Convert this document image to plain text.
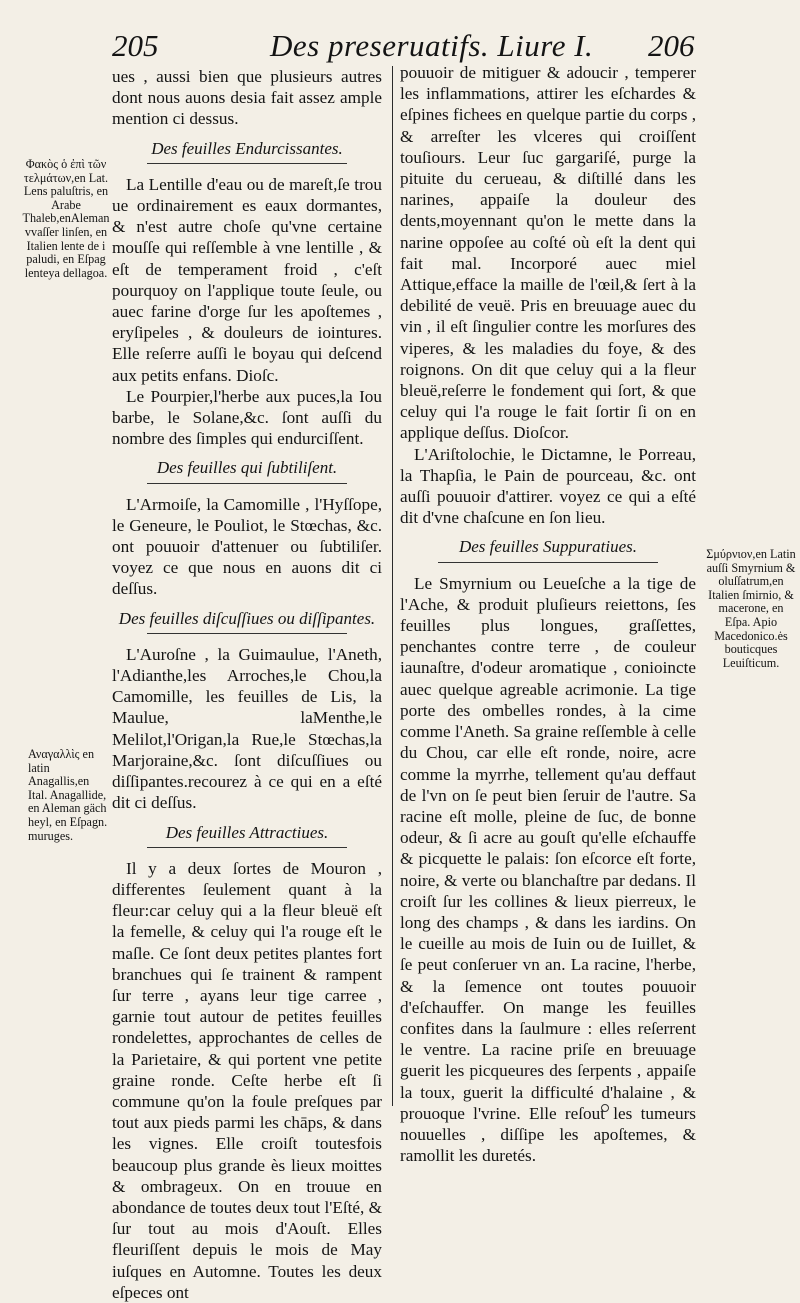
205	Des preseruatifs. Liure I. 206
Φακὸς ὁ ἐπὶ τῶν τελμάτων,en Lat. Lens paluſtris, en Arabe Thaleb,enAleman vvaſſer linſen, en Italien lente de i paludi, en Eſpag lenteya dellagoa.
Αναγαλλὶς en latin Anagallis,en Ital. Anagallide, en Aleman gäch heyl, en Eſpagn. muruges.
Σμύρνιον,en Latin auſſi Smyrnium & oluſſatrum,en Italien ſmirnio, & macerone, en Eſpa. Apio Macedonico.ės bouticques Leuiſticum.

ues , aussi bien que plusieurs autres dont nous auons desia fait assez ample mention ci dessus.

Des feuilles Endurcissantes.

La Lentille d'eau ou de mareſt,ſe trou ue ordinairement es eaux dormantes, & n'est autre choſe qu'vne certaine mouſſe qui reſſemble à vne lentille , & eſt de temperament froid , c'eſt pourquoy on l'applique toute ſeule, ou auec farine d'orge ſur les apoſtemes , eryſipeles , & douleurs de iointures. Elle reſerre auſſi le boyau qui deſcend aux petits enfans. Dioſc.

Le Pourpier,l'herbe aux puces,la Iou barbe, le Solane,&c. ſont auſſi du nombre des ſimples qui endurciſſent.

Des feuilles qui ſubtiliſent.

L'Armoiſe, la Camomille , l'Hyſſope, le Geneure, le Pouliot, le Stœchas, &c. ont pouuoir d'attenuer ou ſubtiliſer. voyez ce que nous en auons dit ci deſſus.

Des feuilles diſcuſſiues ou diſſipantes.

L'Auroſne , la Guimaulue, l'Aneth, l'Adianthe,les Arroches,le Chou,la Camomille, les feuilles de Lis, la Maulue, laMenthe,le Melilot,l'Origan,la Rue,le Stœchas,la Marjoraine,&c. ſont diſcuſſiues ou diſſipantes.recourez à ce qui en a eſté dit ci deſſus.

Des feuilles Attractiues.

Il y a deux ſortes de Mouron , differentes ſeulement quant à la fleur:car celuy qui a la fleur bleuë eſt la femelle, & celuy qui l'a rouge eſt le maſle. Ce ſont deux petites plantes fort branchues qui ſe trainent & rampent ſur terre , ayans leur tige carree , garnie tout autour de petites feuilles rondelettes, approchantes de celles de la Parietaire, & qui portent vne petite graine ronde. Ceſte herbe eſt ſi commune qu'on la foule preſques par tout aux pieds parmi les chāps, & dans les vignes. Elle croiſt toutesfois beaucoup plus grande ès lieux moittes & ombrageux. On en trouue en abondance de toutes deux tout l'Eſté, & ſur tout au mois d'Aouſt. Elles fleuriſſent depuis le mois de May iuſques en Automne. Toutes les deux eſpeces ont

pouuoir de mitiguer & adoucir , temperer les inflammations, attirer les eſchardes & eſpines fichees en quelque partie du corps , & arreſter les vlceres qui croiſſent touſiours. Leur ſuc gargariſé, purge la pituite du cerueau, & diſtillé dans les narines, appaiſe la douleur des dents,moyennant qu'on le mette dans la narine oppoſee au coſté où eſt la dent qui fait mal. Incorporé auec miel Attique,efface la maille de l'œil,& ſert à la debilité de veuë. Pris en breuuage auec du vin , il eſt ſingulier contre les morſures des viperes, & les maladies du foye, & des roignons. On dit que celuy qui a la fleur bleuë,reſerre le fondement qui ſort, & que celuy qui l'a rouge le fait ſortir ſi on en applique deſſus. Dioſcor.

L'Ariſtolochie, le Dictamne, le Porreau, la Thapſia, le Pain de pourceau, &c. ont auſſi pouuoir d'attirer. voyez ce qui a eſté dit d'vne chaſcune en ſon lieu.

Des feuilles Suppuratiues.

Le Smyrnium ou Leueſche a la tige de l'Ache, & produit pluſieurs reiettons, ſes feuilles plus longues, graſſettes, penchantes contre terre , de couleur iaunaſtre, d'odeur aromatique , conioincte auec quelque agreable acrimonie. La tige porte des ombelles rondes, à la cime comme l'Aneth. Sa graine reſſemble à celle du Chou, car elle eſt ronde, noire, acre comme la myrrhe, tellement qu'au deffaut de l'vn on ſe peut bien ſeruir de l'autre. Sa racine eſt molle, pleine de ſuc, de bonne odeur, & ſi acre au gouſt qu'elle eſchauffe & picquette le palais: ſon eſcorce eſt forte, noire, & verte ou blanchaſtre par dedans. Il croiſt ſur les collines & lieux pierreux, le long des champs , & dans les iardins. On le cueille au mois de Iuin ou de Iuillet, & ſe peut conſeruer vn an. La racine, l'herbe, & la ſemence ont toutes pouuoir d'eſchauffer. On mange les feuilles confites dans la ſaulmure : elles reſerrent le ventre. La racine priſe en breuuage guerit les picqueures des ſerpents , appaiſe la toux, guerit la difficulté d'halaine , & prouoque l'vrine. Elle reſout les tumeurs nouuelles , diſſipe les apoſtemes, & ramollit les duretés.
